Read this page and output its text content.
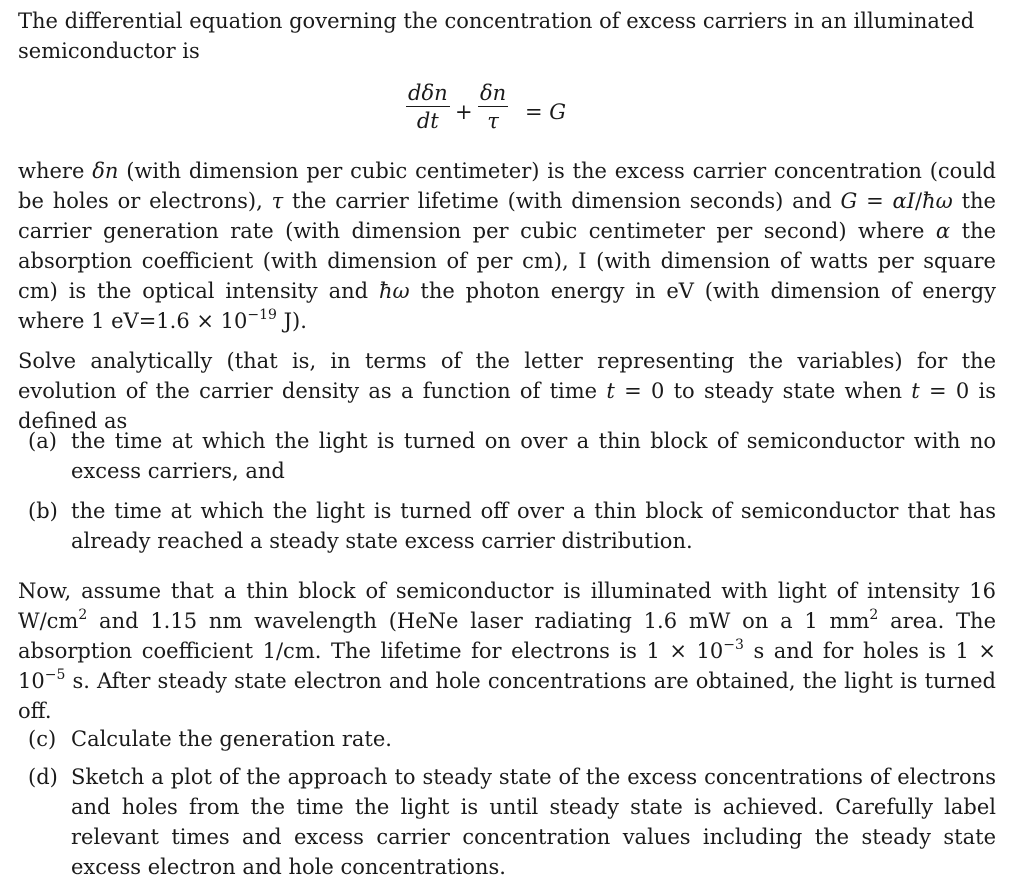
The differential equation governing the concentration of excess carriers in an illuminated
semiconductor is

dδn
dt + $\frac{\delta n}{\tau} = G$

where δn (with dimension per cubic centimeter) is the excess carrier concentration (could be holes or electrons), τ the carrier lifetime (with dimension seconds) and G = αI/ħω the carrier generation rate (with dimension per cubic centimeter per second) where α the absorption coefficient (with dimension of per cm), I (with dimension of watts per square cm) is the optical intensity and ħω the photon energy in eV (with dimension of energy where 1 $eV=1.6 \times 10^{-19}$ J).

Solve analytically (that is, in terms of the letter representing the variables) for the evolution of the carrier density as a function of time t = 0 to steady state when t = 0 is defined as

(a) the time at which the light is turned on over a thin block of semiconductor with no excess carriers, and
(b) the time at which the light is turned off over a thin block of semiconductor that has already reached a steady state excess carrier distribution.

Now, assume that a thin block of semiconductor is illuminated with light of intensity 16 $W/cm^2$ and 1.15 nm wavelength (HeNe laser radiating 1.6 mW on a 1 $mm^2$ area. The absorption coefficient 1/cm. The lifetime for electrons is $1 \times 10^{-3}$ s and for holes is $1 \times 10^{-5}$ s. After steady state electron and hole concentrations are obtained, the light is turned off.

(c) Calculate the generation rate.
(d) Sketch a plot of the approach to steady state of the excess concentrations of electrons and holes from the time the light is until steady state is achieved. Carefully label relevant times and excess carrier concentration values including the steady state excess electron and hole concentrations.
